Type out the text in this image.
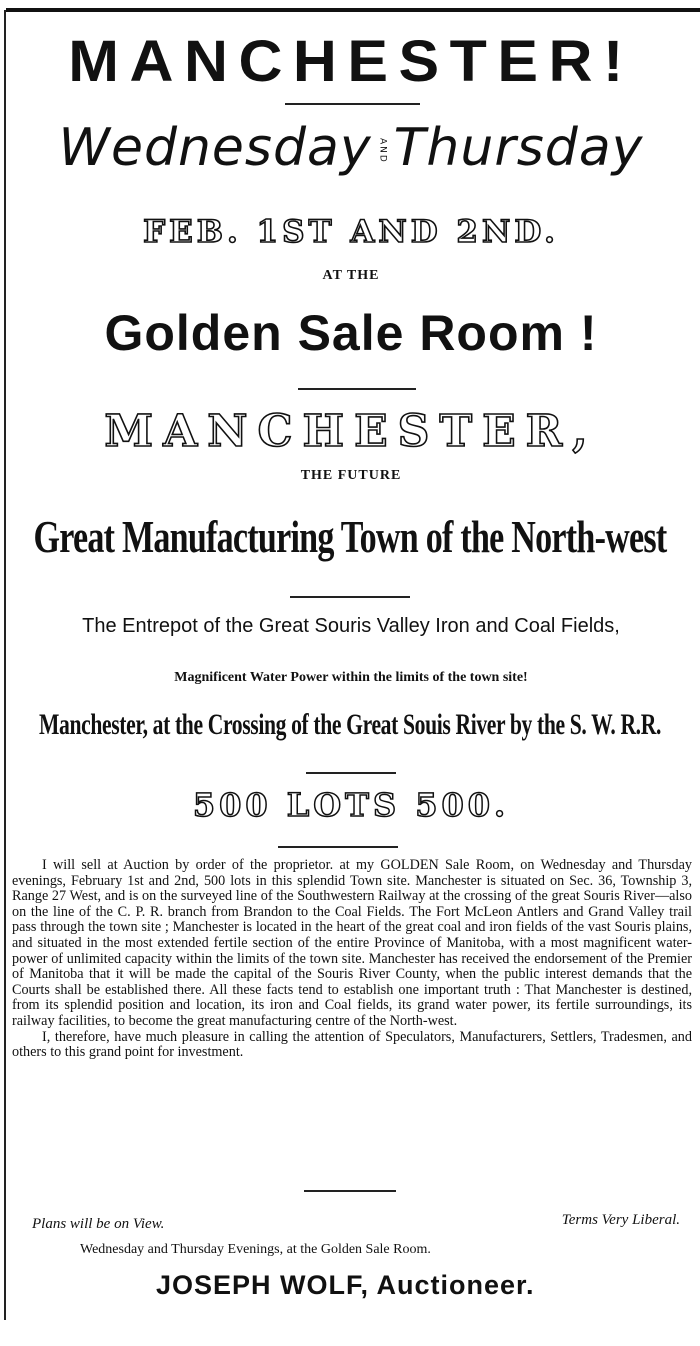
MANCHESTER!
Wednesday AND Thursday
FEB. 1ST AND 2ND.
AT THE
Golden Sale Room !
MANCHESTER,
THE FUTURE
Great Manufacturing Town of the North-west
The Entrepot of the Great Souris Valley Iron and Coal Fields,
Magnificent Water Power within the limits of the town site!
Manchester, at the Crossing of the Great Souis River by the S. W. R.R.
500 LOTS 500.

I will sell at Auction by order of the proprietor. at my GOLDEN Sale Room, on Wednesday and Thursday evenings, February 1st and 2nd, 500 lots in this splendid Town site. Manchester is situated on Sec. 36, Township 3, Range 27 West, and is on the surveyed line of the Southwestern Railway at the crossing of the great Souris River—also on the line of the C. P. R. branch from Brandon to the Coal Fields. The Fort McLeon Antlers and Grand Valley trail pass through the town site ; Manchester is located in the heart of the great coal and iron fields of the vast Souris plains, and situated in the most extended fertile section of the entire Province of Manitoba, with a most magnificent water-power of unlimited capacity within the limits of the town site. Manchester has received the endorsement of the Premier of Manitoba that it will be made the capital of the Souris River County, when the public interest demands that the Courts shall be established there. All these facts tend to establish one important truth : That Manchester is destined, from its splendid position and location, its iron and Coal fields, its grand water power, its fertile surroundings, its railway facilities, to become the great manufacturing centre of the North-west.

I, therefore, have much pleasure in calling the attention of Speculators, Manufacturers, Settlers, Tradesmen, and others to this grand point for investment.

Plans will be on View.	Terms Very Liberal.
Wednesday and Thursday Evenings, at the Golden Sale Room.
JOSEPH WOLF, Auctioneer.
